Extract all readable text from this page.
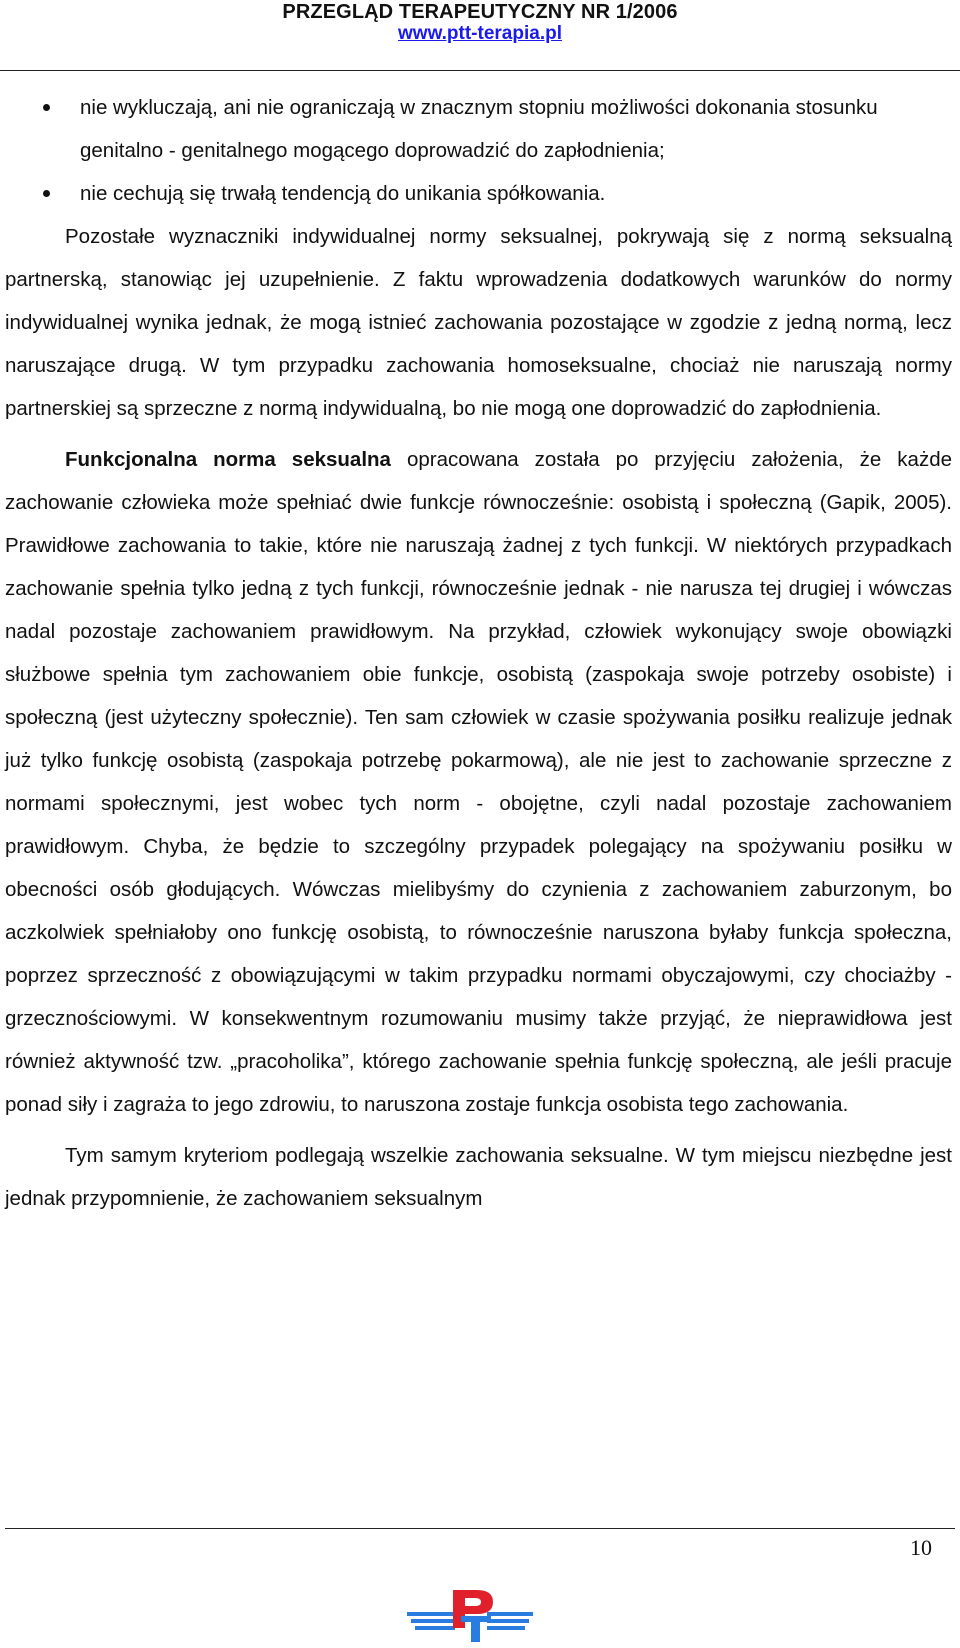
PRZEGLĄD TERAPEUTYCZNY NR 1/2006
www.ptt-terapia.pl
nie wykluczają, ani nie ograniczają w znacznym stopniu możliwości dokonania stosunku genitalno - genitalnego mogącego doprowadzić do zapłodnienia;
nie cechują się trwałą tendencją do unikania spółkowania.

Pozostałe wyznaczniki indywidualnej normy seksualnej, pokrywają się z normą seksualną partnerską, stanowiąc jej uzupełnienie. Z faktu wprowadzenia dodatkowych warunków do normy indywidualnej wynika jednak, że mogą istnieć zachowania pozostające w zgodzie z jedną normą, lecz naruszające drugą. W tym przypadku zachowania homoseksualne, chociaż nie naruszają normy partnerskiej są sprzeczne z normą indywidualną, bo nie mogą one doprowadzić do zapłodnienia.

Funkcjonalna norma seksualna opracowana została po przyjęciu założenia, że każde zachowanie człowieka może spełniać dwie funkcje równocześnie: osobistą i społeczną (Gapik, 2005). Prawidłowe zachowania to takie, które nie naruszają żadnej z tych funkcji. W niektórych przypadkach zachowanie spełnia tylko jedną z tych funkcji, równocześnie jednak - nie narusza tej drugiej i wówczas nadal pozostaje zachowaniem prawidłowym. Na przykład, człowiek wykonujący swoje obowiązki służbowe spełnia tym zachowaniem obie funkcje, osobistą (zaspokaja swoje potrzeby osobiste) i społeczną (jest użyteczny społecznie). Ten sam człowiek w czasie spożywania posiłku realizuje jednak już tylko funkcję osobistą (zaspokaja potrzebę pokarmową), ale nie jest to zachowanie sprzeczne z normami społecznymi, jest wobec tych norm - obojętne, czyli nadal pozostaje zachowaniem prawidłowym. Chyba, że będzie to szczególny przypadek polegający na spożywaniu posiłku w obecności osób głodujących. Wówczas mielibyśmy do czynienia z zachowaniem zaburzonym, bo aczkolwiek spełniałoby ono funkcję osobistą, to równocześnie naruszona byłaby funkcja społeczna, poprzez sprzeczność z obowiązującymi w takim przypadku normami obyczajowymi, czy chociażby - grzecznościowymi. W konsekwentnym rozumowaniu musimy także przyjąć, że nieprawidłowa jest również aktywność tzw. „pracoholika”, którego zachowanie spełnia funkcję społeczną, ale jeśli pracuje ponad siły i zagraża to jego zdrowiu, to naruszona zostaje funkcja osobista tego zachowania.

Tym samym kryteriom podlegają wszelkie zachowania seksualne. W tym miejscu niezbędne jest jednak przypomnienie, że zachowaniem seksualnym

10
